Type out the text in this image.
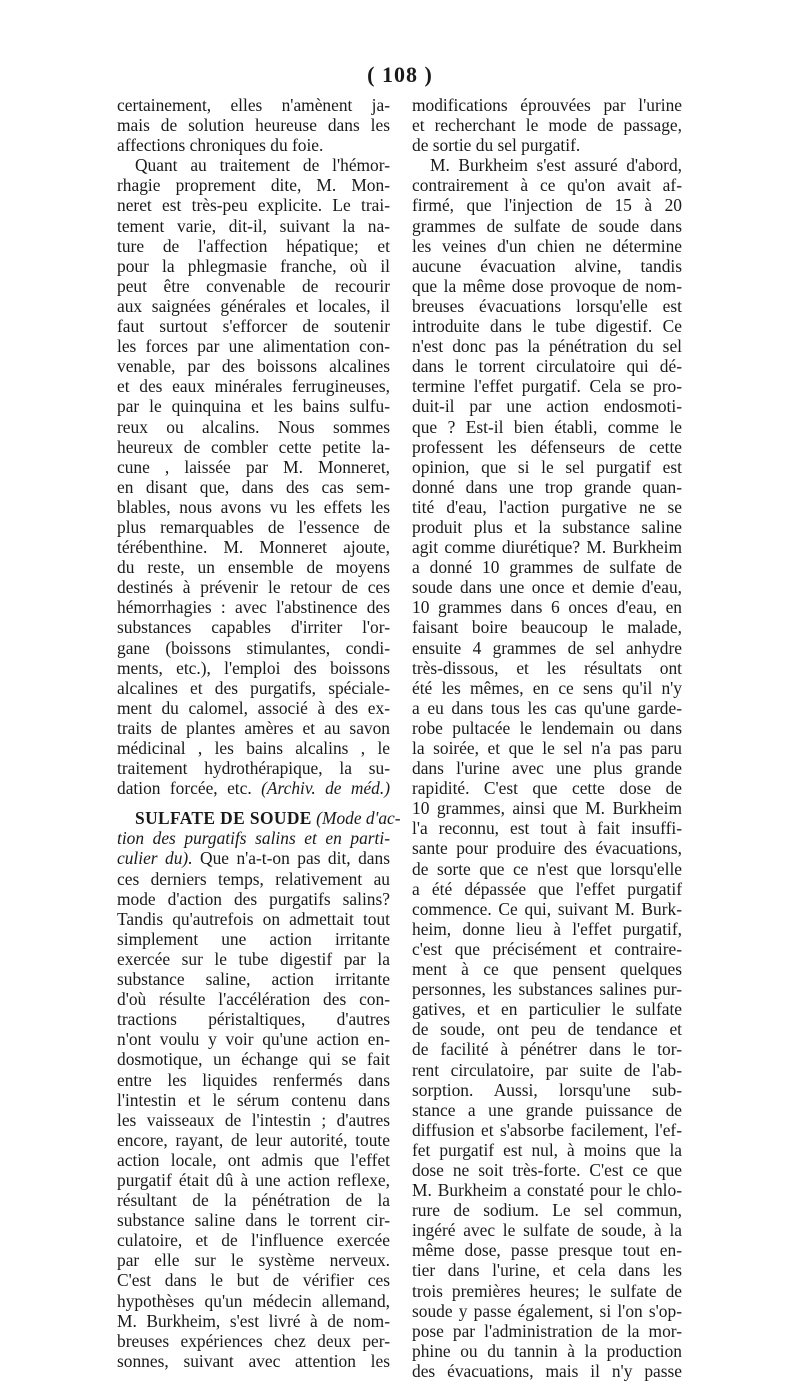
( 108 )
certainement, elles n'amènent ja-
mais de solution heureuse dans les
affections chroniques du foie.
Quant au traitement de l'hémor-
rhagie proprement dite, M. Mon-
neret est très-peu explicite. Le trai-
tement varie, dit-il, suivant la na-
ture de l'affection hépatique; et
pour la phlegmasie franche, où il
peut être convenable de recourir
aux saignées générales et locales, il
faut surtout s'efforcer de soutenir
les forces par une alimentation con-
venable, par des boissons alcalines
et des eaux minérales ferrugineuses,
par le quinquina et les bains sulfu-
reux ou alcalins. Nous sommes
heureux de combler cette petite la-
cune , laissée par M. Monneret,
en disant que, dans des cas sem-
blables, nous avons vu les effets les
plus remarquables de l'essence de
térébenthine. M. Monneret ajoute,
du reste, un ensemble de moyens
destinés à prévenir le retour de ces
hémorrhagies : avec l'abstinence des
substances capables d'irriter l'or-
gane (boissons stimulantes, condi-
ments, etc.), l'emploi des boissons
alcalines et des purgatifs, spéciale-
ment du calomel, associé à des ex-
traits de plantes amères et au savon
médicinal , les bains alcalins , le
traitement hydrothérapique, la su-
dation forcée, etc. (Archiv. de méd.)
SULFATE DE SOUDE (Mode d'ac-
tion des purgatifs salins et en parti-
culier du). Que n'a-t-on pas dit, dans
ces derniers temps, relativement au
mode d'action des purgatifs salins?
Tandis qu'autrefois on admettait tout
simplement une action irritante
exercée sur le tube digestif par la
substance saline, action irritante
d'où résulte l'accélération des con-
tractions péristaltiques, d'autres
n'ont voulu y voir qu'une action en-
dosmotique, un échange qui se fait
entre les liquides renfermés dans
l'intestin et le sérum contenu dans
les vaisseaux de l'intestin ; d'autres
encore, rayant, de leur autorité, toute
action locale, ont admis que l'effet
purgatif était dû à une action reflexe,
résultant de la pénétration de la
substance saline dans le torrent cir-
culatoire, et de l'influence exercée
par elle sur le système nerveux.
C'est dans le but de vérifier ces
hypothèses qu'un médecin allemand,
M. Burkheim, s'est livré à de nom-
breuses expériences chez deux per-
sonnes, suivant avec attention les
modifications éprouvées par l'urine
et recherchant le mode de passage,
de sortie du sel purgatif.
M. Burkheim s'est assuré d'abord,
contrairement à ce qu'on avait af-
firmé, que l'injection de 15 à 20
grammes de sulfate de soude dans
les veines d'un chien ne détermine
aucune évacuation alvine, tandis
que la même dose provoque de nom-
breuses évacuations lorsqu'elle est
introduite dans le tube digestif. Ce
n'est donc pas la pénétration du sel
dans le torrent circulatoire qui dé-
termine l'effet purgatif. Cela se pro-
duit-il par une action endosmoti-
que ? Est-il bien établi, comme le
professent les défenseurs de cette
opinion, que si le sel purgatif est
donné dans une trop grande quan-
tité d'eau, l'action purgative ne se
produit plus et la substance saline
agit comme diurétique? M. Burkheim
a donné 10 grammes de sulfate de
soude dans une once et demie d'eau,
10 grammes dans 6 onces d'eau, en
faisant boire beaucoup le malade,
ensuite 4 grammes de sel anhydre
très-dissous, et les résultats ont
été les mêmes, en ce sens qu'il n'y
a eu dans tous les cas qu'une garde-
robe pultacée le lendemain ou dans
la soirée, et que le sel n'a pas paru
dans l'urine avec une plus grande
rapidité. C'est que cette dose de
10 grammes, ainsi que M. Burkheim
l'a reconnu, est tout à fait insuffi-
sante pour produire des évacuations,
de sorte que ce n'est que lorsqu'elle
a été dépassée que l'effet purgatif
commence. Ce qui, suivant M. Burk-
heim, donne lieu à l'effet purgatif,
c'est que précisément et contraire-
ment à ce que pensent quelques
personnes, les substances salines pur-
gatives, et en particulier le sulfate
de soude, ont peu de tendance et
de facilité à pénétrer dans le tor-
rent circulatoire, par suite de l'ab-
sorption. Aussi, lorsqu'une sub-
stance a une grande puissance de
diffusion et s'absorbe facilement, l'ef-
fet purgatif est nul, à moins que la
dose ne soit très-forte. C'est ce que
M. Burkheim a constaté pour le chlo-
rure de sodium. Le sel commun,
ingéré avec le sulfate de soude, à la
même dose, passe presque tout en-
tier dans l'urine, et cela dans les
trois premières heures; le sulfate de
soude y passe également, si l'on s'op-
pose par l'administration de la mor-
phine ou du tannin à la production
des évacuations, mais il n'y passe
